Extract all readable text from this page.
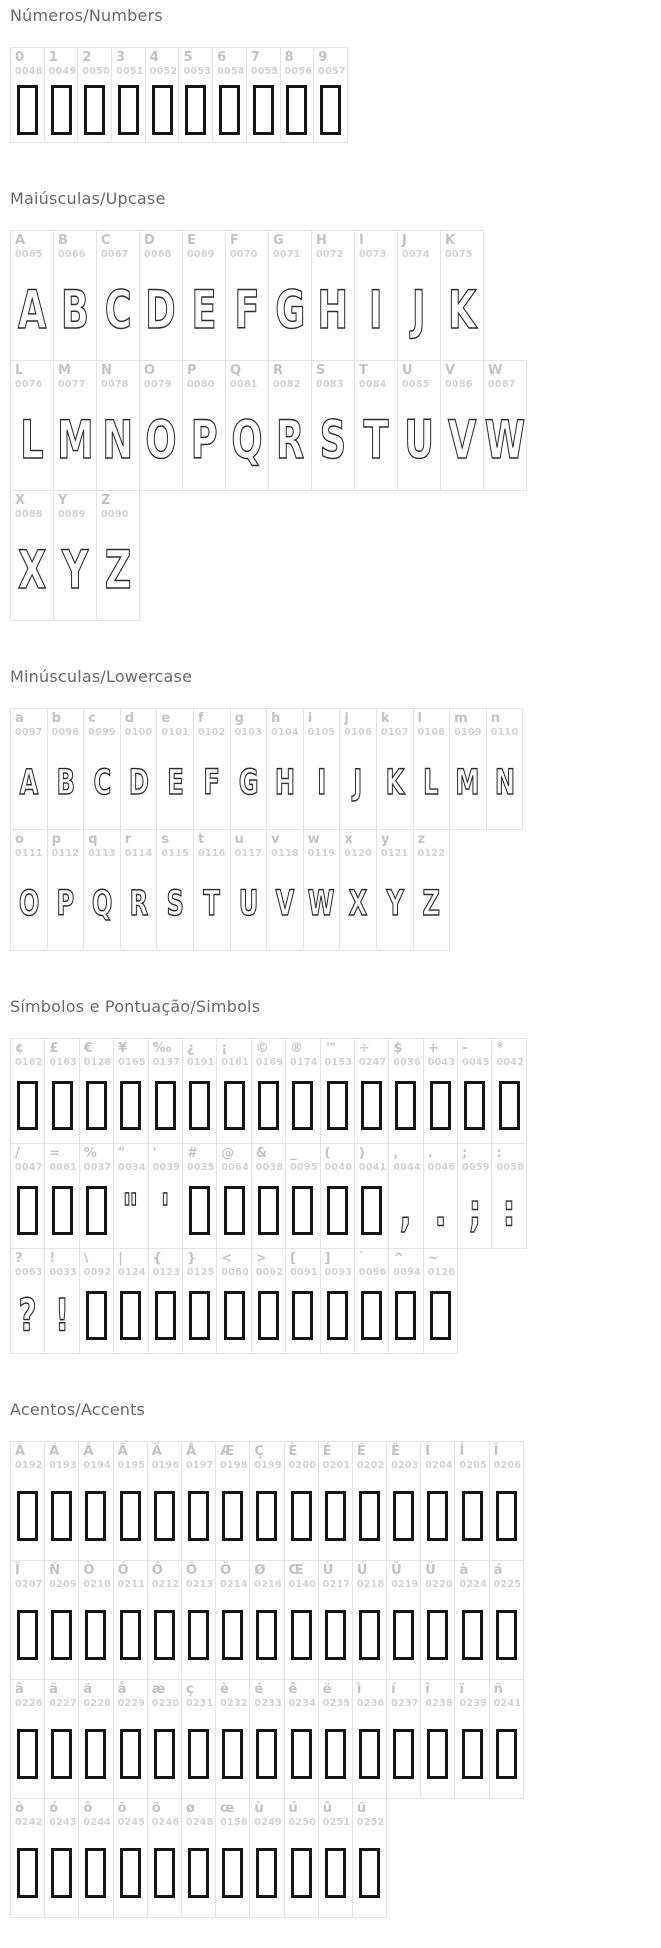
Números/Numbers
0
0048
1
0049
2
0050
3
0051
4
0052
5
0053
6
0054
7
0055
8
0056
9
0057
Maiúsculas/Upcase
A
0065
A
B
0066
B
C
0067
C
D
0068
D
E
0069
E
F
0070
F
G
0071
G
H
0072
H
I
0073
I
J
0074
J
K
0075
K
L
0076
L
M
0077
M
N
0078
N
O
0079
O
P
0080
P
Q
0081
Q
R
0082
R
S
0083
S
T
0084
T
U
0085
U
V
0086
V
W
0087
W
X
0088
X
Y
0089
Y
Z
0090
Z
Minúsculas/Lowercase
a
0097
A
b
0098
B
c
0099
C
d
0100
D
e
0101
E
f
0102
F
g
0103
G
h
0104
H
i
0105
I
j
0106
J
k
0107
K
l
0108
L
m
0109
M
n
0110
N
o
0111
O
p
0112
P
q
0113
Q
r
0114
R
s
0115
S
t
0116
T
u
0117
U
v
0118
V
w
0119
W
x
0120
X
y
0121
Y
z
0122
Z
Símbolos e Pontuação/Simbols
¢
0162
£
0163
€
0128
¥
0165
‰
0137
¿
0191
¡
0161
©
0169
®
0174
™
0153
÷
0247
$
0036
+
0043
-
0045
*
0042
/
0047
=
0061
%
0037
"
0034
"
'
0039
'
#
0035
@
0064
&
0038
_
0095
(
0040
)
0041
,
0044
,
.
0046
.
;
0059
;
:
0058
:
?
0063
?
!
0033
!
\
0092
|
0124
{
0123
}
0125
<
0060
>
0062
[
0091
]
0093
`
0096
^
0094
~
0126
Acentos/Accents
À
0192
Á
0193
Â
0194
Ã
0195
Ä
0196
Å
0197
Æ
0198
Ç
0199
È
0200
É
0201
Ê
0202
Ë
0203
Ì
0204
Í
0205
Î
0206
Ï
0207
Ñ
0209
Ò
0210
Ó
0211
Ô
0212
Õ
0213
Ö
0214
Ø
0216
Œ
0140
Ù
0217
Ú
0218
Û
0219
Ü
0220
à
0224
á
0225
â
0226
ã
0227
ä
0228
å
0229
æ
0230
ç
0231
è
0232
é
0233
ê
0234
ë
0235
ì
0236
í
0237
î
0238
ï
0239
ñ
0241
ò
0242
ó
0243
ô
0244
õ
0245
ö
0246
ø
0248
œ
0156
ù
0249
ú
0250
û
0251
ü
0252
